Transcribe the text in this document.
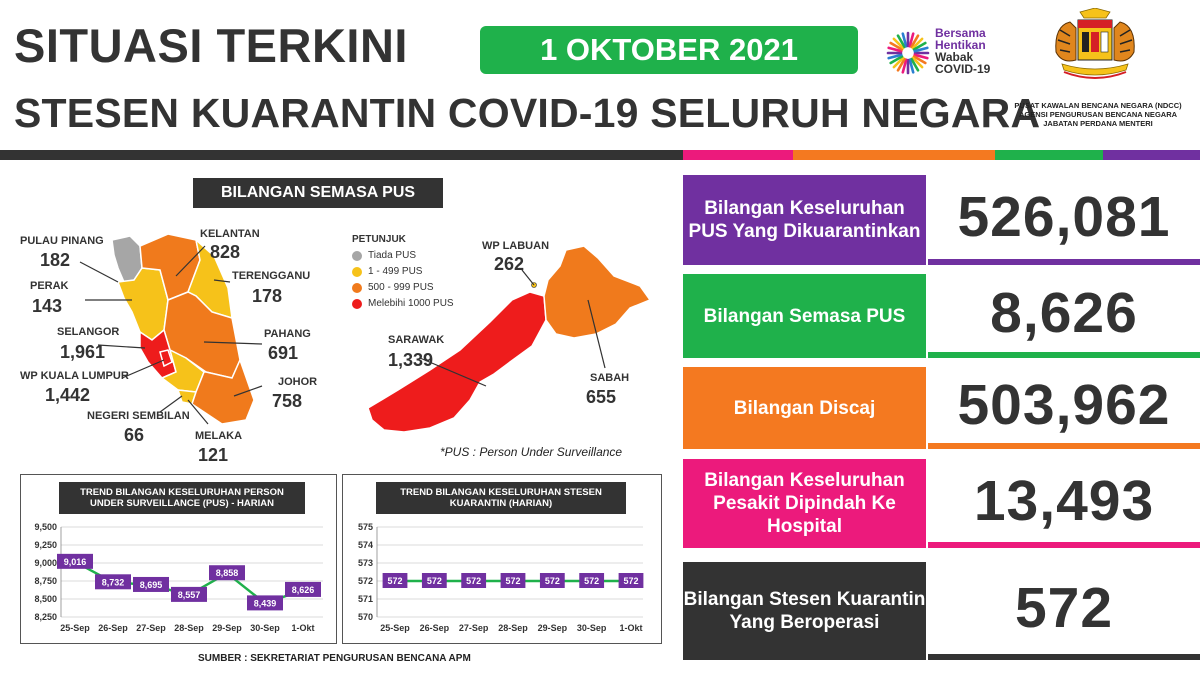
SITUASI TERKINI
STESEN KUARANTIN COVID-19 SELURUH NEGARA
1 OKTOBER 2021	Bersama
Hentikan
Wabak
COVID-19
PUSAT KAWALAN BENCANA NEGARA (NDCC)
AGENSI PENGURUSAN BENCANA NEGARA
JABATAN PERDANA MENTERI
BILANGAN SEMASA PUS
PULAU PINANG
182
PERAK
143
SELANGOR
1,961
WP KUALA LUMPUR
1,442
NEGERI SEMBILAN
66	MELAKA
121
KELANTAN
828
TERENGGANU
178
PAHANG
691
JOHOR
758
WP LABUAN
262
SARAWAK
1,339
SABAH
655
PETUNJUK
Tiada PUS
1 - 499 PUS
500 - 999 PUS
Melebihi 1000 PUS
*PUS : Person Under Surveillance
TREND BILANGAN KESELURUHAN PERSON
UNDER SURVEILLANCE (PUS) - HARIAN
8,250
8,500
8,750
9,000
9,250
9,500
25-Sep 26-Sep 27-Sep 28-Sep 29-Sep 30-Sep 1-Okt
9,016
8,732 8,695
8,557
8,858
8,439
8,626
TREND BILANGAN KESELURUHAN STESEN
KUARANTIN (HARIAN)
570
571
572
573
574
575
25-Sep 26-Sep 27-Sep 28-Sep 29-Sep 30-Sep 1-Okt
572	572	572	572	572	572	572
SUMBER : SEKRETARIAT PENGURUSAN BENCANA APM
Bilangan Keseluruhan PUS Yang Dikuarantinkan 526,081
Bilangan Semasa PUS	8,626
Bilangan Discaj	503,962
Bilangan Keseluruhan Pesakit Dipindah Ke Hospital	13,493
Bilangan Stesen Kuarantin Yang Beroperasi	572
